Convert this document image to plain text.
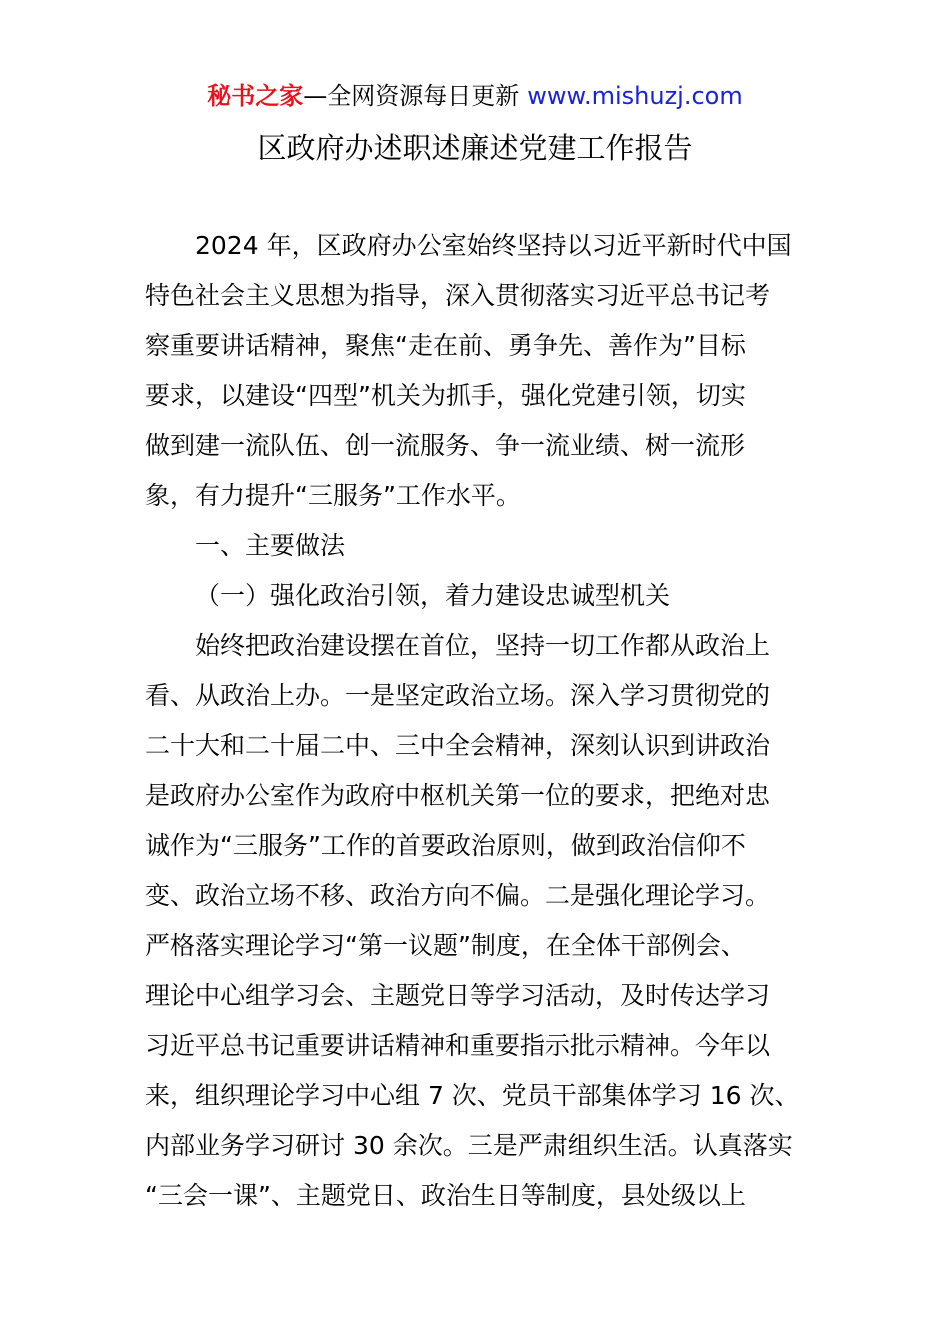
秘书之家—全网资源每日更新 www.mishuzj.com
区政府办述职述廉述党建工作报告
2024 年，区政府办公室始终坚持以习近平新时代中国
特色社会主义思想为指导，深入贯彻落实习近平总书记考
察重要讲话精神，聚焦“走在前、勇争先、善作为”目标
要求，以建设“四型”机关为抓手，强化党建引领，切实
做到建一流队伍、创一流服务、争一流业绩、树一流形
象，有力提升“三服务”工作水平。
一、主要做法
（一）强化政治引领，着力建设忠诚型机关
始终把政治建设摆在首位，坚持一切工作都从政治上
看、从政治上办。一是坚定政治立场。深入学习贯彻党的
二十大和二十届二中、三中全会精神，深刻认识到讲政治
是政府办公室作为政府中枢机关第一位的要求，把绝对忠
诚作为“三服务”工作的首要政治原则，做到政治信仰不
变、政治立场不移、政治方向不偏。二是强化理论学习。
严格落实理论学习“第一议题”制度，在全体干部例会、
理论中心组学习会、主题党日等学习活动，及时传达学习
习近平总书记重要讲话精神和重要指示批示精神。今年以
来，组织理论学习中心组 7 次、党员干部集体学习 16 次、
内部业务学习研讨 30 余次。三是严肃组织生活。认真落实
“三会一课”、主题党日、政治生日等制度，县处级以上
